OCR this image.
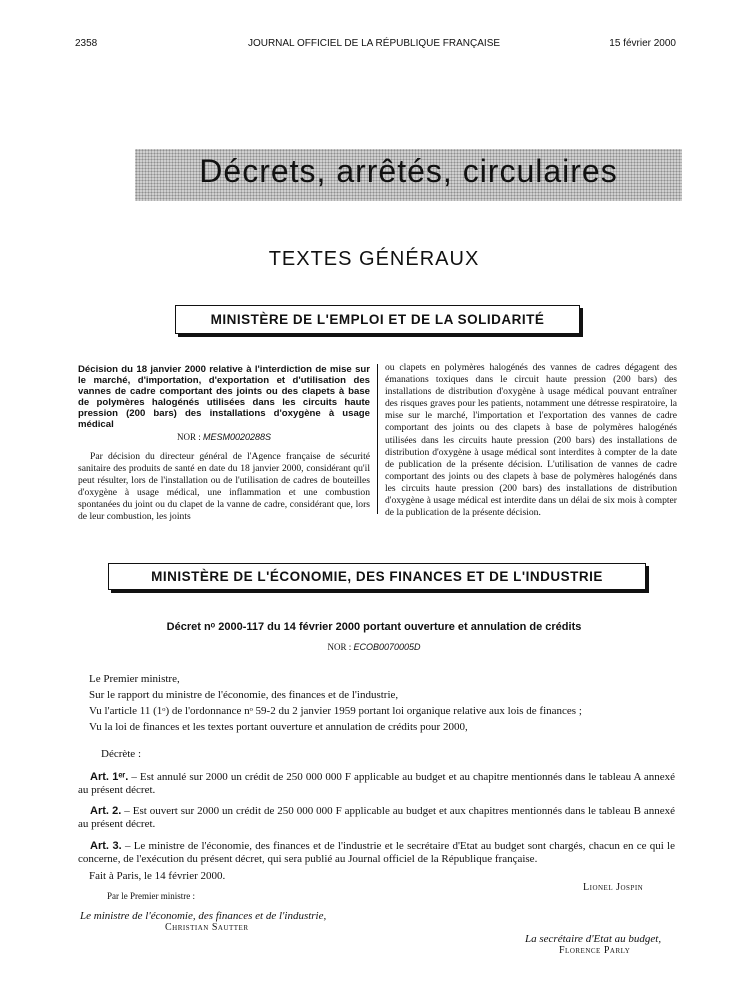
2358	JOURNAL OFFICIEL DE LA RÉPUBLIQUE FRANÇAISE	15 février 2000
Décrets, arrêtés, circulaires
TEXTES GÉNÉRAUX
MINISTÈRE DE L'EMPLOI ET DE LA SOLIDARITÉ
Décision du 18 janvier 2000 relative à l'interdiction de mise sur le marché, d'importation, d'exportation et d'utilisation des vannes de cadre comportant des joints ou des clapets à base de polymères halogénés utilisées dans les circuits haute pression (200 bars) des installations d'oxygène à usage médical
NOR : MESM0020288S
Par décision du directeur général de l'Agence française de sécurité sanitaire des produits de santé en date du 18 janvier 2000, considérant qu'il peut résulter, lors de l'installation ou de l'utilisation de cadres de bouteilles d'oxygène à usage médical, une inflammation et une combustion spontanées du joint ou du clapet de la vanne de cadre, considérant que, lors de leur combustion, les joints
ou clapets en polymères halogénés des vannes de cadres dégagent des émanations toxiques dans le circuit haute pression (200 bars) des installations de distribution d'oxygène à usage médical pouvant entraîner des risques graves pour les patients, notamment une détresse respiratoire, la mise sur le marché, l'importation et l'exportation des vannes de cadre comportant des joints ou des clapets à base de polymères halogénés utilisées dans les circuits haute pression (200 bars) des installations de distribution d'oxygène à usage médical sont interdites à compter de la date de publication de la présente décision. L'utilisation de vannes de cadre comportant des joints ou des clapets à base de polymères halogénés dans les circuits haute pression (200 bars) des installations de distribution d'oxygène à usage médical est interdite dans un délai de six mois à compter de la publication de la présente décision.
MINISTÈRE DE L'ÉCONOMIE, DES FINANCES ET DE L'INDUSTRIE
Décret nᵒ 2000-117 du 14 février 2000 portant ouverture et annulation de crédits
NOR : ECOB0070005D
Le Premier ministre,
Sur le rapport du ministre de l'économie, des finances et de l'industrie,
Vu l'article 11 (1ᵒ) de l'ordonnance nᵒ 59-2 du 2 janvier 1959 portant loi organique relative aux lois de finances ;
Vu la loi de finances et les textes portant ouverture et annulation de crédits pour 2000,
Décrète :
Art. 1ᵉʳ. – Est annulé sur 2000 un crédit de 250 000 000 F applicable au budget et au chapitre mentionnés dans le tableau A annexé au présent décret.
Art. 2. – Est ouvert sur 2000 un crédit de 250 000 000 F applicable au budget et aux chapitres mentionnés dans le tableau B annexé au présent décret.
Art. 3. – Le ministre de l'économie, des finances et de l'industrie et le secrétaire d'Etat au budget sont chargés, chacun en ce qui le concerne, de l'exécution du présent décret, qui sera publié au Journal officiel de la République française.
Fait à Paris, le 14 février 2000.
Lionel Jospin
Par le Premier ministre :
Le ministre de l'économie, des finances et de l'industrie,
Christian Sautter
La secrétaire d'Etat au budget,
Florence Parly
